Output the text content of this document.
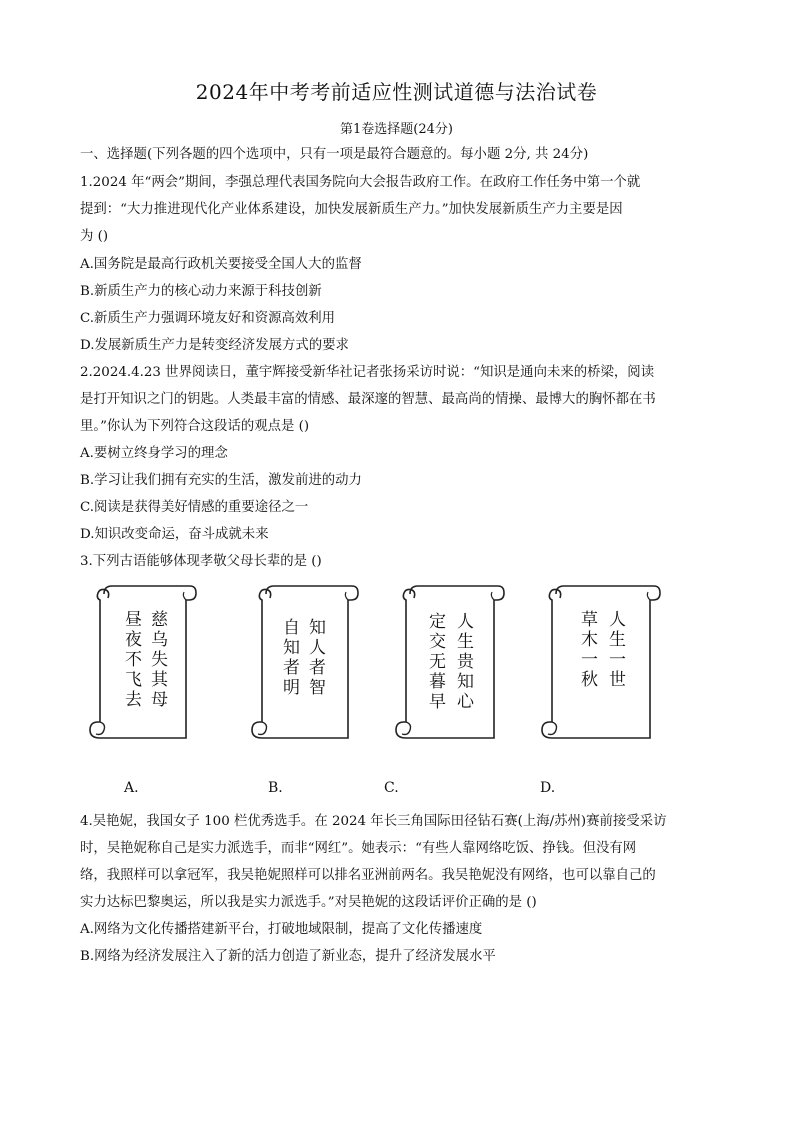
2024年中考考前适应性测试道德与法治试卷
第1卷选择题(24分)
一、选择题(下列各题的四个选项中，只有一项是最符合题意的。每小题 2分, 共 24分)
1.2024 年“两会”期间，李强总理代表国务院向大会报告政府工作。在政府工作任务中第一个就
提到：“大力推进现代化产业体系建设，加快发展新质生产力。”加快发展新质生产力主要是因
为 ()
A.国务院是最高行政机关要接受全国人大的监督
B.新质生产力的核心动力来源于科技创新
C.新质生产力强调环境友好和资源高效利用
D.发展新质生产力是转变经济发展方式的要求
2.2024.4.23 世界阅读日，董宇辉接受新华社记者张扬采访时说：“知识是通向未来的桥梁，阅读
是打开知识之门的钥匙。人类最丰富的情感、最深邃的智慧、最高尚的情操、最博大的胸怀都在书
里。”你认为下列符合这段话的观点是 ()
A.要树立终身学习的理念
B.学习让我们拥有充实的生活，激发前进的动力
C.阅读是获得美好情感的重要途径之一
D.知识改变命运，奋斗成就未来
3.下列古语能够体现孝敬父母长辈的是 ()
慈乌失其母
昼夜不飞去	知人者智
自知者明	人生贵知心
定交无暮早	人生一世
草木一秋
A.	B.	C.	D.
4.吴艳妮，我国女子 100 栏优秀选手。在 2024 年长三角国际田径钻石赛(上海/苏州)赛前接受采访
时，吴艳妮称自己是实力派选手，而非“网红”。她表示：“有些人靠网络吃饭、挣钱。但没有网
络，我照样可以拿冠军，我吴艳妮照样可以排名亚洲前两名。我吴艳妮没有网络，也可以靠自己的
实力达标巴黎奥运，所以我是实力派选手。”对吴艳妮的这段话评价正确的是 ()
A.网络为文化传播搭建新平台，打破地域限制，提高了文化传播速度
B.网络为经济发展注入了新的活力创造了新业态，提升了经济发展水平
